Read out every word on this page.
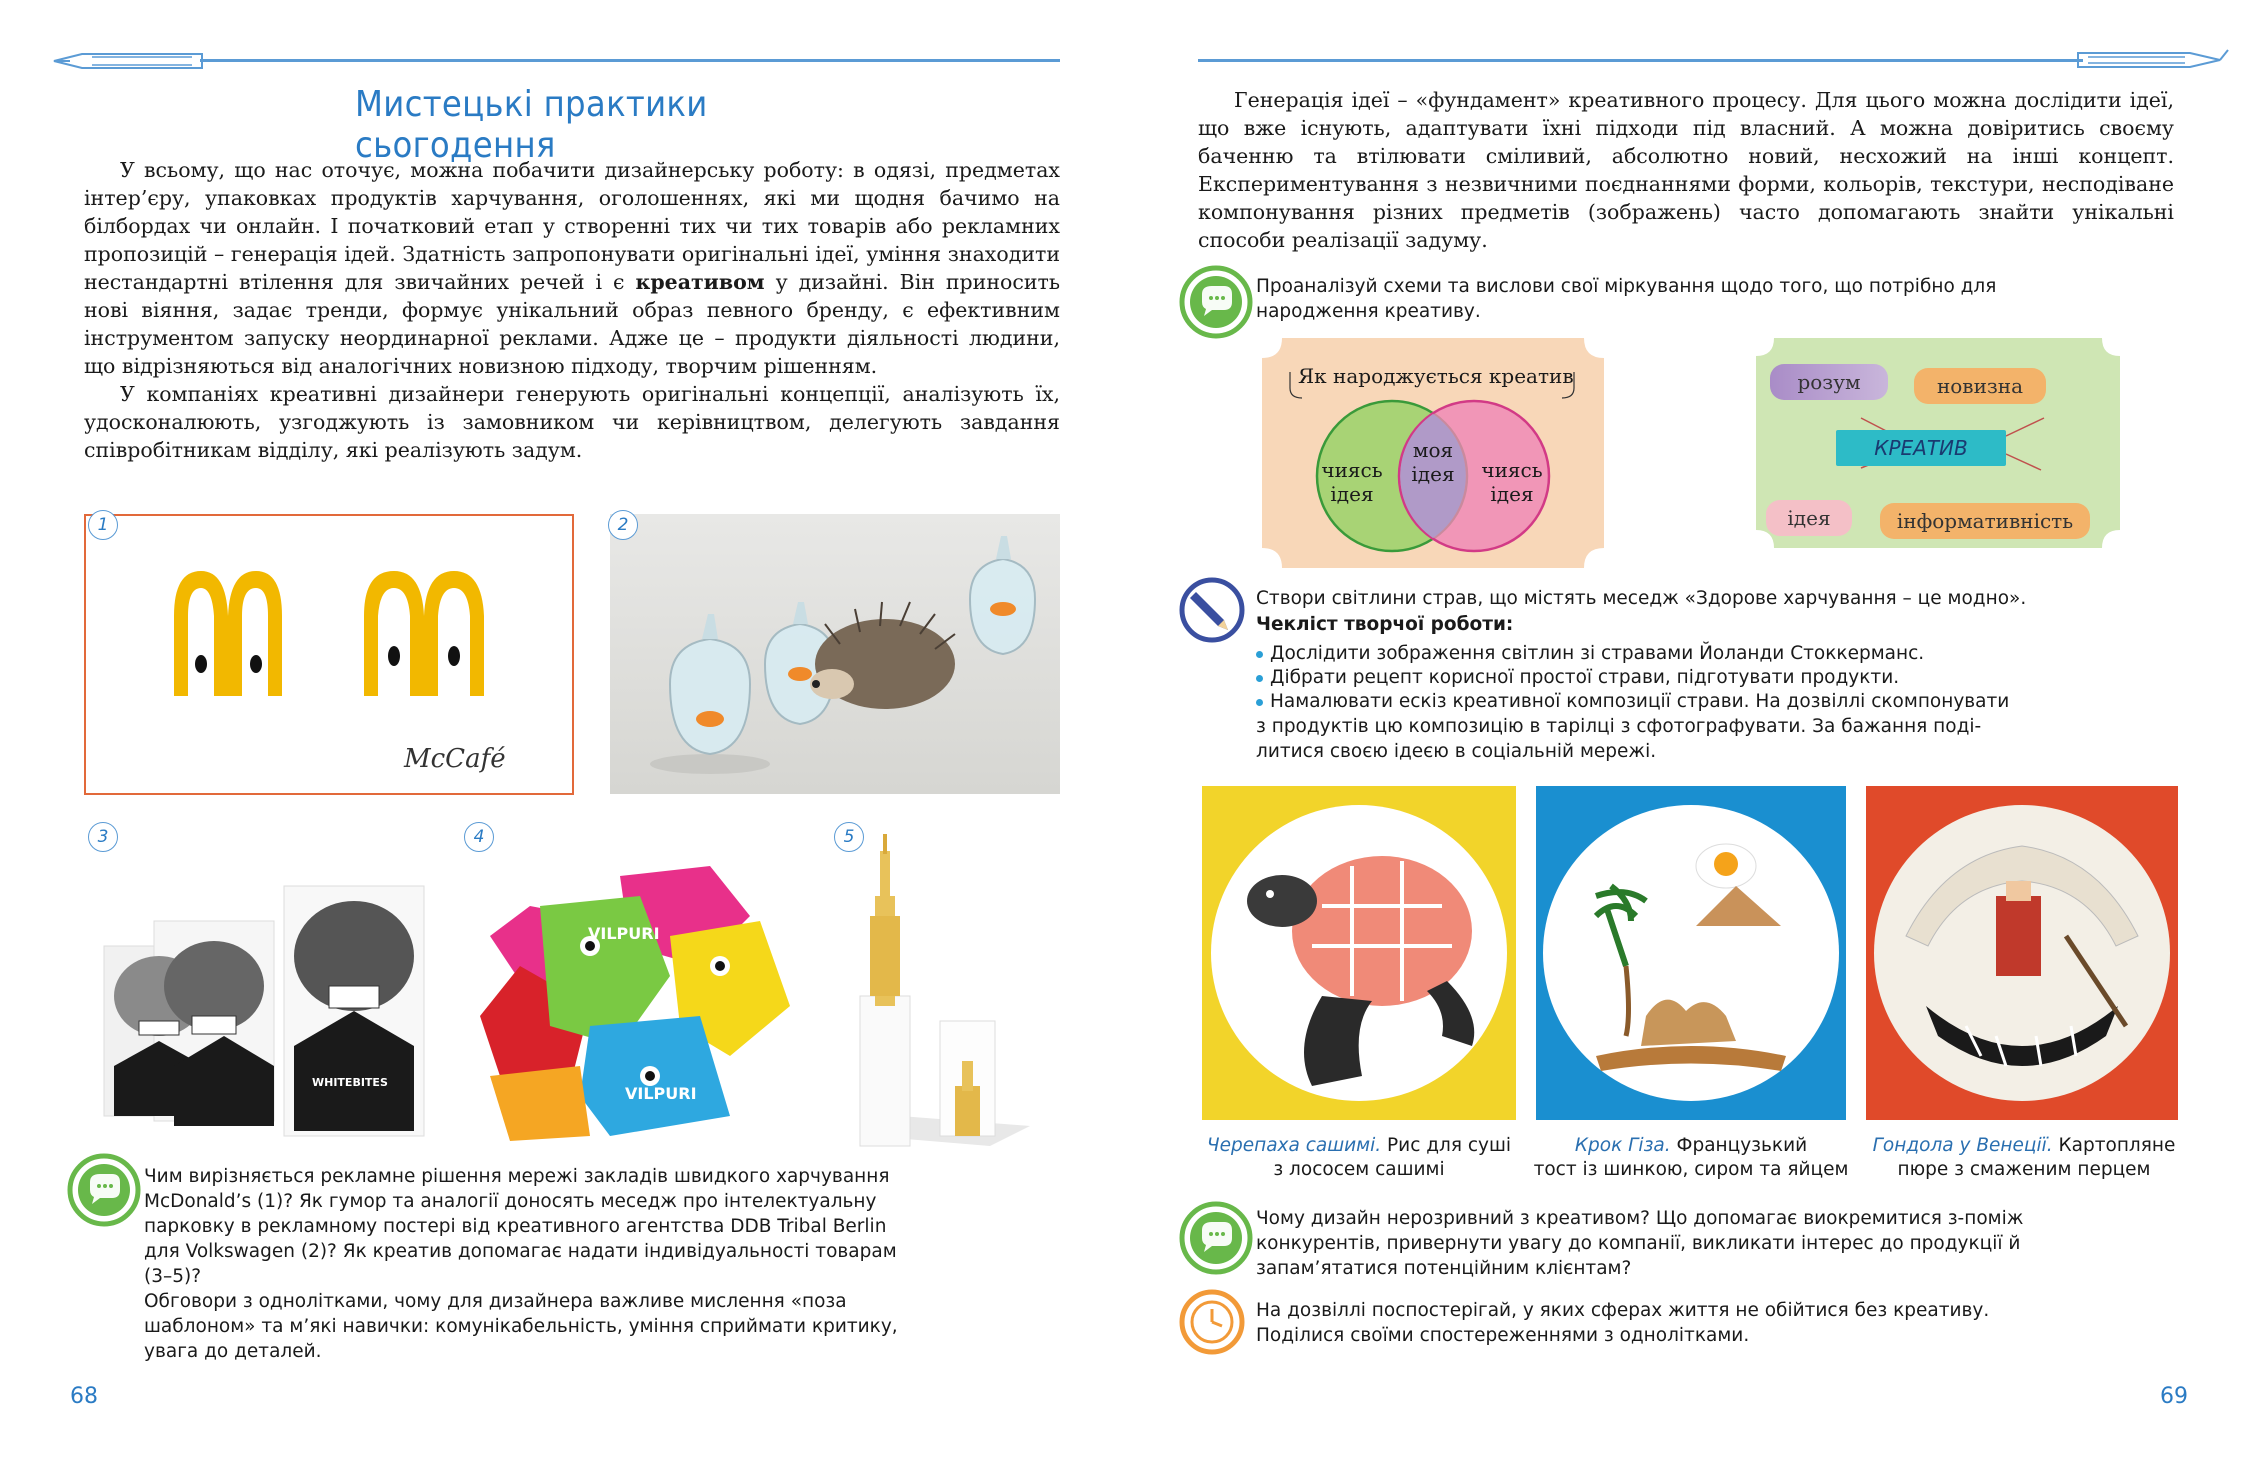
Мистецькі практики сьогодення

У всьому, що нас оточує, можна побачити дизайнерську роботу: в одязі, предметах інтер’єру, упаковках продуктів харчування, оголошеннях, які ми щодня бачимо на білбордах чи онлайн. І початковий етап у створенні тих чи тих товарів або рекламних пропозицій – генерація ідей. Здатність запропонувати оригінальні ідеї, уміння знаходити нестандартні втілення для звичайних речей і є креативом у дизайні. Він приносить нові віяння, задає тренди, формує унікальний образ певного бренду, є ефективним інструментом запуску неординарної реклами. Адже це – продукти діяльності людини, що відрізняються від аналогічних новизною підходу, творчим рішенням.

У компаніях креативні дизайнери генерують оригінальні концепції, аналізують їх, удосконалюють, узгоджують із замовником чи керівництвом, делегують завдання співробітникам відділу, які реалізують задум.

McCafé
1	2
WHITEBITES
3
VILPURI
VILPURI
4	5
Чим вирізняється рекламне рішення мережі закладів швидкого харчування
McDonald’s (1)? Як гумор та аналогії доносять меседж про інтелектуальну
парковку в рекламному постері від креативного агентства DDB Tribal Berlin
для Volkswagen (2)? Як креатив допомагає надати індивідуальності товарам
(3–5)?
Обговори з однолітками, чому для дизайнера важливе мислення «поза
шаблоном» та м’які навички: комунікабельність, уміння сприймати критику,
увага до деталей.
68

Генерація ідеї – «фундамент» креативного процесу. Для цього можна дослідити ідеї, що вже існують, адаптувати їхні підходи під власний. А можна довіритись своєму баченню та втілювати сміливий, абсолютно новий, несхожий на інші концепт. Експериментування з незвичними поєднаннями форми, кольорів, текстури, несподіване компонування різних предметів (зображень) часто допомагають знайти унікальні способи реалізації задуму.

Проаналізуй схеми та вислови свої міркування щодо того, що потрібно для
народження креативу.
Як народжується креатив
чиясь
ідея
моя
ідея	чиясь
ідея
розум	новизна
КРЕАТИВ
ідея	інформативність
Створи світлини страв, що містять меседж «Здорове харчування – це модно».
Чекліст творчої роботи:
Дослідити зображення світлин зі стравами Йоланди Стоккерманс.
Дібрати рецепт корисної простої страви, підготувати продукти.
Намалювати ескіз креативної композиції страви. На дозвіллі скомпонувати
з продуктів цю композицію в тарілці з сфотографувати. За бажання поді-
литися своєю ідеєю в соціальній мережі.
Черепаха сашимі. Рис для суші
з лососем сашимі
Крок Гіза. Французький
тост із шинкою, сиром та яйцем
Гондола у Венеції. Картопляне
пюре з смаженим перцем
Чому дизайн нерозривний з креативом? Що допомагає виокремитися з-поміж
конкурентів, привернути увагу до компанії, викликати інтерес до продукції й
запам’ятатися потенційним клієнтам?
На дозвіллі поспостерігай, у яких сферах життя не обійтися без креативу.
Поділися своїми спостереженнями з однолітками.
69
